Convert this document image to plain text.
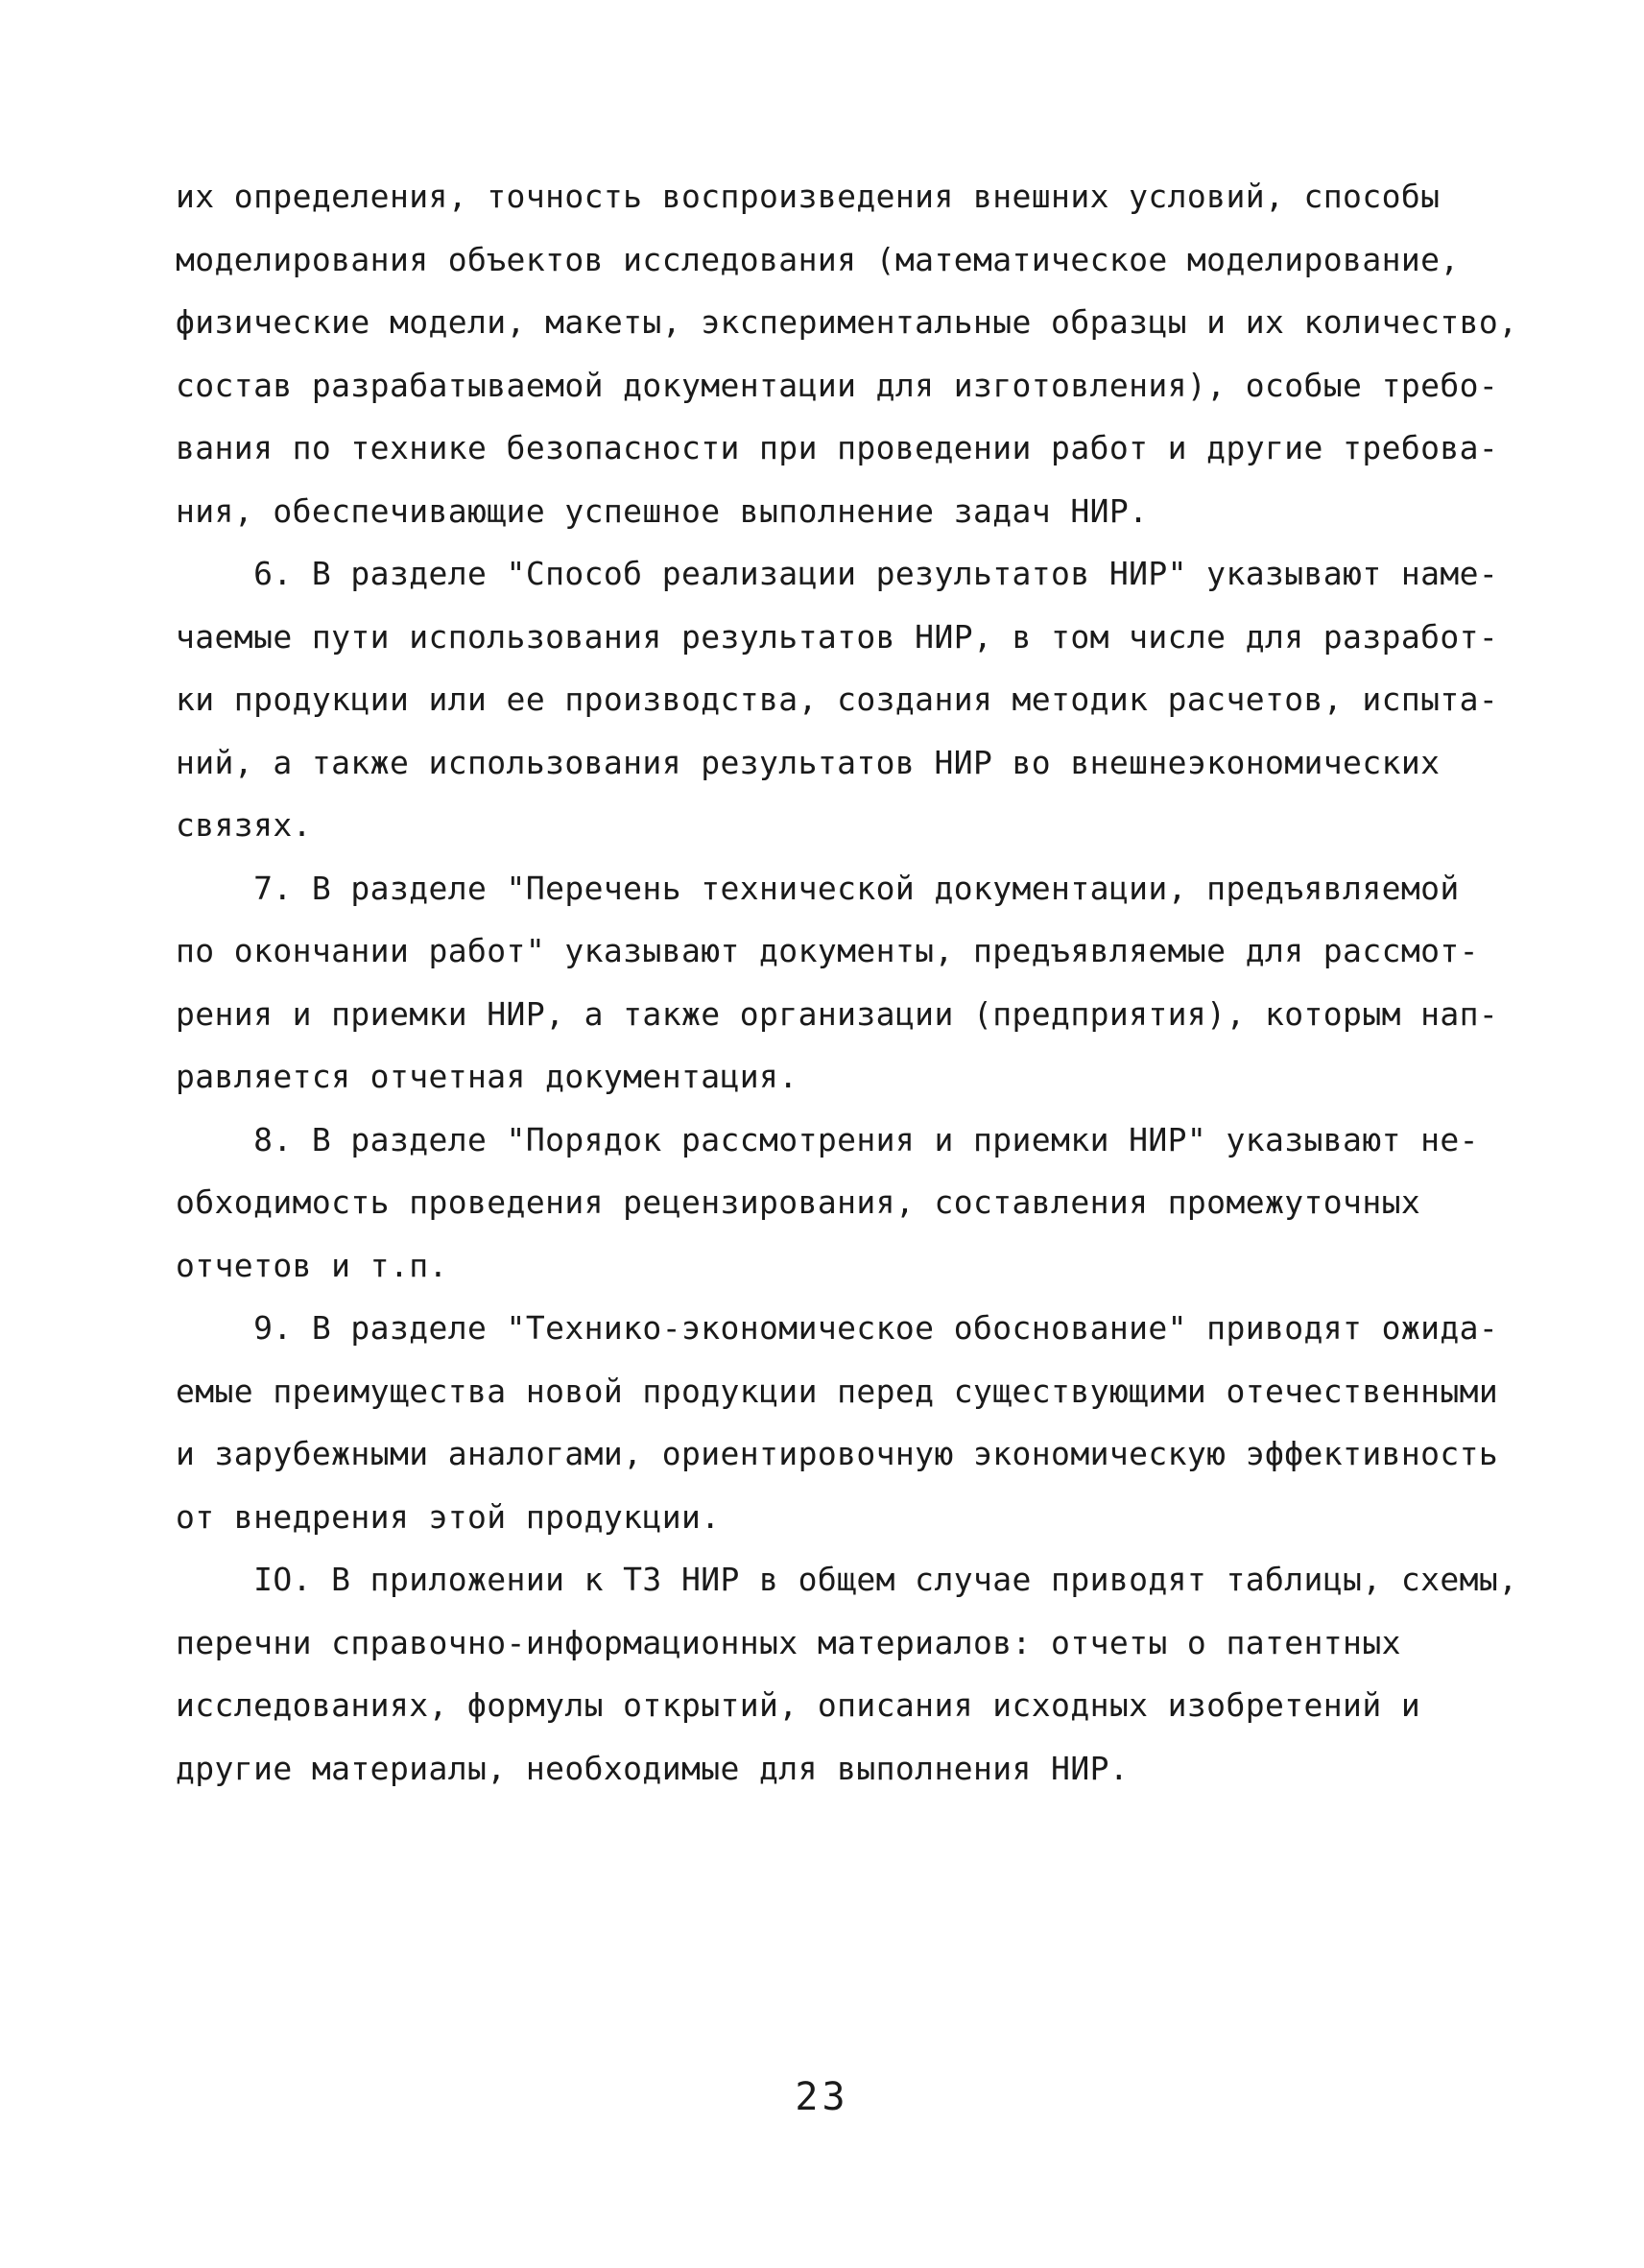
их определения, точность воспроизведения внешних условий, способы
моделирования объектов исследования (математическое моделирование,
физические модели, макеты, экспериментальные образцы и их количество,
состав разрабатываемой документации для изготовления), особые требо-
вания по технике безопасности при проведении работ и другие требова-
ния, обеспечивающие успешное выполнение задач НИР.
6. В разделе "Способ реализации результатов НИР" указывают наме-
чаемые пути использования результатов НИР, в том числе для разработ-
ки продукции или ее производства, создания методик расчетов, испыта-
ний, а также использования результатов НИР во внешнеэкономических
связях.
7. В разделе "Перечень технической документации, предъявляемой
по окончании работ" указывают документы, предъявляемые для рассмот-
рения и приемки НИР, а также организации (предприятия), которым нап-
равляется отчетная документация.
8. В разделе "Порядок рассмотрения и приемки НИР" указывают не-
обходимость проведения рецензирования, составления промежуточных
отчетов и т.п.
9. В разделе "Технико-экономическое обоснование" приводят ожида-
емые преимущества новой продукции перед существующими отечественными
и зарубежными аналогами, ориентировочную экономическую эффективность
от внедрения этой продукции.
IO. В приложении к ТЗ НИР в общем случае приводят таблицы, схемы,
перечни справочно-информационных материалов: отчеты о патентных
исследованиях, формулы открытий, описания исходных изобретений и
другие материалы, необходимые для выполнения НИР.
23
